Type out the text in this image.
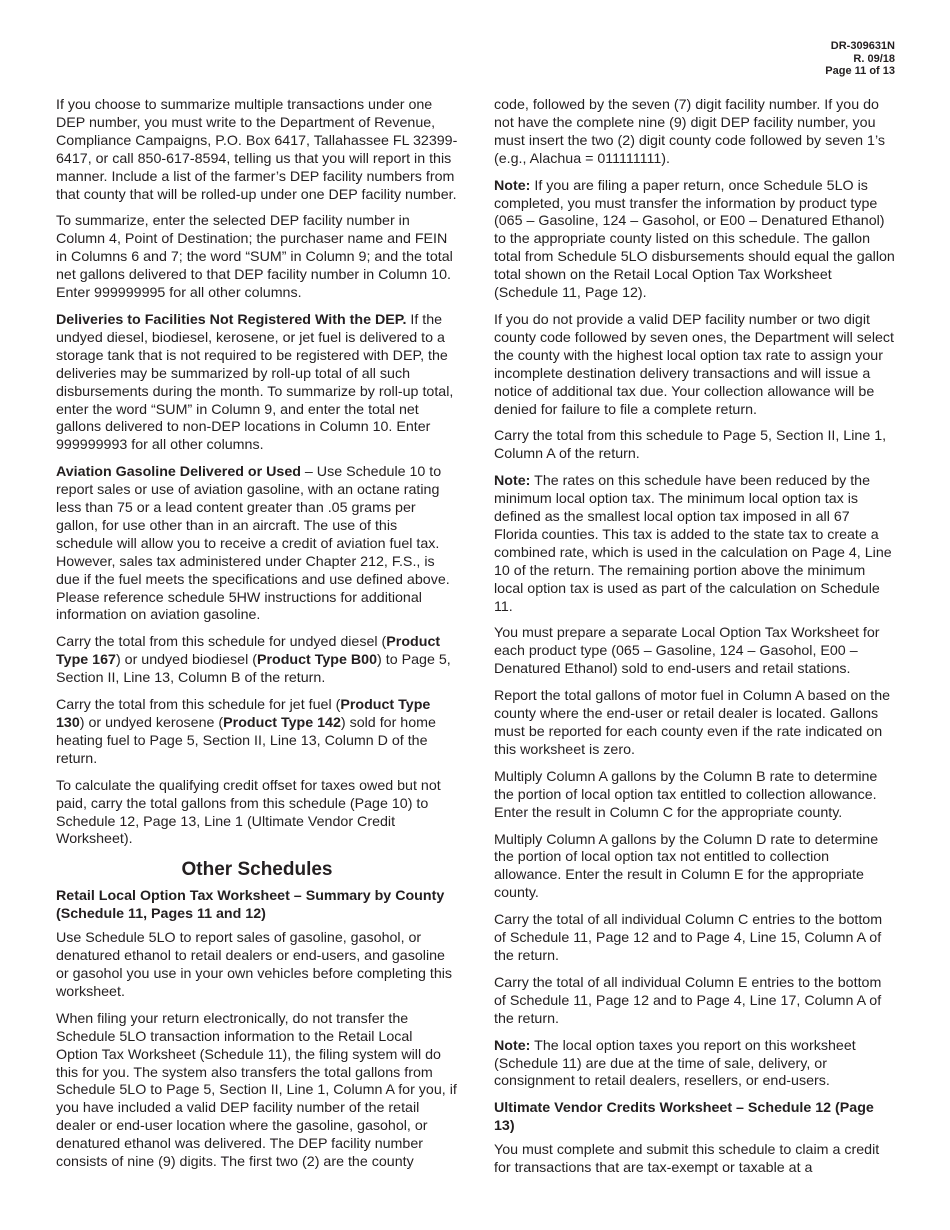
DR-309631N
R. 09/18
Page 11 of 13

If you choose to summarize multiple transactions under one DEP number, you must write to the Department of Revenue, Compliance Campaigns, P.O. Box 6417, Tallahassee FL 32399-6417, or call 850-617-8594, telling us that you will report in this manner. Include a list of the farmer’s DEP facility numbers from that county that will be rolled-up under one DEP facility number.

To summarize, enter the selected DEP facility number in Column 4, Point of Destination; the purchaser name and FEIN in Columns 6 and 7; the word “SUM” in Column 9; and the total net gallons delivered to that DEP facility number in Column 10. Enter 999999995 for all other columns.

Deliveries to Facilities Not Registered With the DEP. If the undyed diesel, biodiesel, kerosene, or jet fuel is delivered to a storage tank that is not required to be registered with DEP, the deliveries may be summarized by roll-up total of all such disbursements during the month. To summarize by roll-up total, enter the word “SUM” in Column 9, and enter the total net gallons delivered to non-DEP locations in Column 10. Enter 999999993 for all other columns.

Aviation Gasoline Delivered or Used – Use Schedule 10 to report sales or use of aviation gasoline, with an octane rating less than 75 or a lead content greater than .05 grams per gallon, for use other than in an aircraft. The use of this schedule will allow you to receive a credit of aviation fuel tax. However, sales tax administered under Chapter 212, F.S., is due if the fuel meets the specifications and use defined above. Please reference schedule 5HW instructions for additional information on aviation gasoline.

Carry the total from this schedule for undyed diesel (Product Type 167) or undyed biodiesel (Product Type B00) to Page 5, Section II, Line 13, Column B of the return.

Carry the total from this schedule for jet fuel (Product Type 130) or undyed kerosene (Product Type 142) sold for home heating fuel to Page 5, Section II, Line 13, Column D of the return.

To calculate the qualifying credit offset for taxes owed but not paid, carry the total gallons from this schedule (Page 10) to Schedule 12, Page 13, Line 1 (Ultimate Vendor Credit Worksheet).

Other Schedules
Retail Local Option Tax Worksheet – Summary by County (Schedule 11, Pages 11 and 12)

Use Schedule 5LO to report sales of gasoline, gasohol, or denatured ethanol to retail dealers or end-users, and gasoline or gasohol you use in your own vehicles before completing this worksheet.

When filing your return electronically, do not transfer the Schedule 5LO transaction information to the Retail Local Option Tax Worksheet (Schedule 11), the filing system will do this for you. The system also transfers the total gallons from Schedule 5LO to Page 5, Section II, Line 1, Column A for you, if you have included a valid DEP facility number of the retail dealer or end-user location where the gasoline, gasohol, or denatured ethanol was delivered. The DEP facility number consists of nine (9) digits. The first two (2) are the county

code, followed by the seven (7) digit facility number. If you do not have the complete nine (9) digit DEP facility number, you must insert the two (2) digit county code followed by seven 1’s (e.g., Alachua = 011111111).

Note: If you are filing a paper return, once Schedule 5LO is completed, you must transfer the information by product type (065 – Gasoline, 124 – Gasohol, or E00 – Denatured Ethanol) to the appropriate county listed on this schedule. The gallon total from Schedule 5LO disbursements should equal the gallon total shown on the Retail Local Option Tax Worksheet (Schedule 11, Page 12).

If you do not provide a valid DEP facility number or two digit county code followed by seven ones, the Department will select the county with the highest local option tax rate to assign your incomplete destination delivery transactions and will issue a notice of additional tax due. Your collection allowance will be denied for failure to file a complete return.

Carry the total from this schedule to Page 5, Section II, Line 1, Column A of the return.

Note: The rates on this schedule have been reduced by the minimum local option tax. The minimum local option tax is defined as the smallest local option tax imposed in all 67 Florida counties. This tax is added to the state tax to create a combined rate, which is used in the calculation on Page 4, Line 10 of the return. The remaining portion above the minimum local option tax is used as part of the calculation on Schedule 11.

You must prepare a separate Local Option Tax Worksheet for each product type (065 – Gasoline, 124 – Gasohol, E00 – Denatured Ethanol) sold to end-users and retail stations.

Report the total gallons of motor fuel in Column A based on the county where the end-user or retail dealer is located. Gallons must be reported for each county even if the rate indicated on this worksheet is zero.

Multiply Column A gallons by the Column B rate to determine the portion of local option tax entitled to collection allowance. Enter the result in Column C for the appropriate county.

Multiply Column A gallons by the Column D rate to determine the portion of local option tax not entitled to collection allowance. Enter the result in Column E for the appropriate county.

Carry the total of all individual Column C entries to the bottom of Schedule 11, Page 12 and to Page 4, Line 15, Column A of the return.

Carry the total of all individual Column E entries to the bottom of Schedule 11, Page 12 and to Page 4, Line 17, Column A of the return.

Note: The local option taxes you report on this worksheet (Schedule 11) are due at the time of sale, delivery, or consignment to retail dealers, resellers, or end-users.

Ultimate Vendor Credits Worksheet – Schedule 12 (Page 13)

You must complete and submit this schedule to claim a credit for transactions that are tax-exempt or taxable at a
